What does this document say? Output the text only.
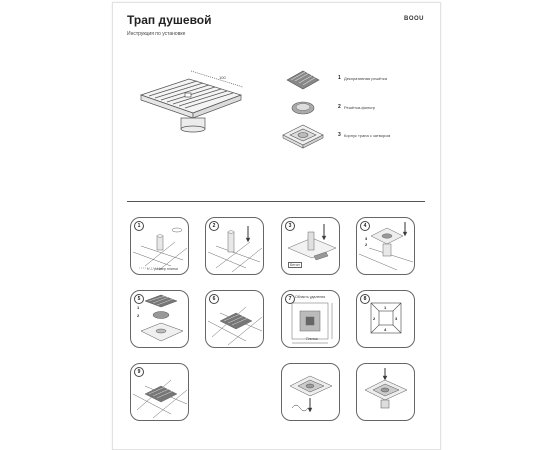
Трап душевой
Инструкция по установке
BOOU
100	1 Декоративная решётка
2 Решётка-фильтр
3 Корпус трапа с затвором
1
x — размер плитки
2	3
Бетон
4
3
2
5
1
2
6	7	Область удаления
Плитка
8
1
2	3
4
9
